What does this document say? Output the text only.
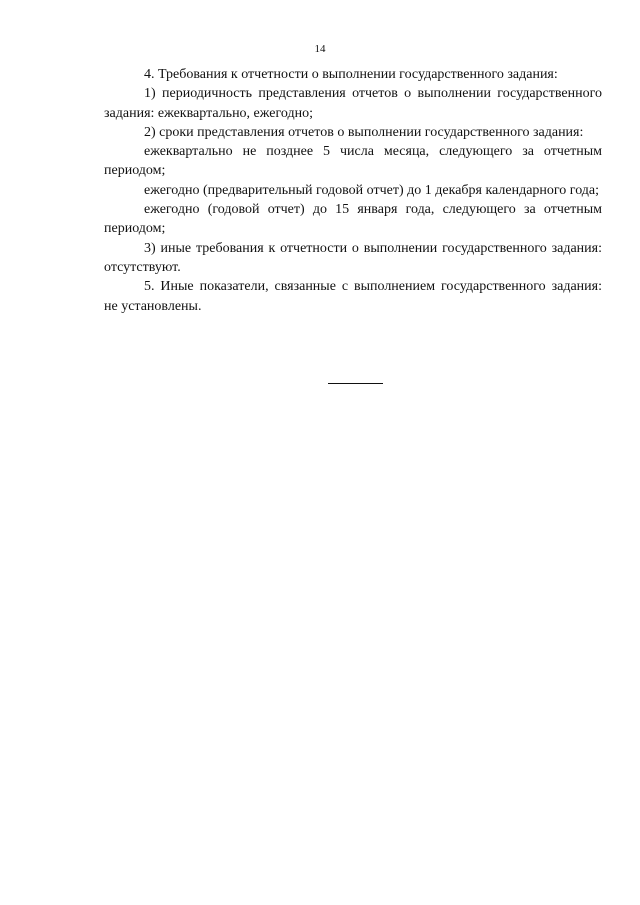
14

4. Требования к отчетности о выполнении государственного задания:

1) периодичность представления отчетов о выполнении государственного задания: ежеквартально, ежегодно;

2) сроки представления отчетов о выполнении государственного задания:

ежеквартально не позднее 5 числа месяца, следующего за отчетным периодом;

ежегодно (предварительный годовой отчет) до 1 декабря календарного года;

ежегодно (годовой отчет) до 15 января года, следующего за отчетным периодом;

3) иные требования к отчетности о выполнении государственного задания: отсутствуют.

5. Иные показатели, связанные с выполнением государственного задания: не установлены.
